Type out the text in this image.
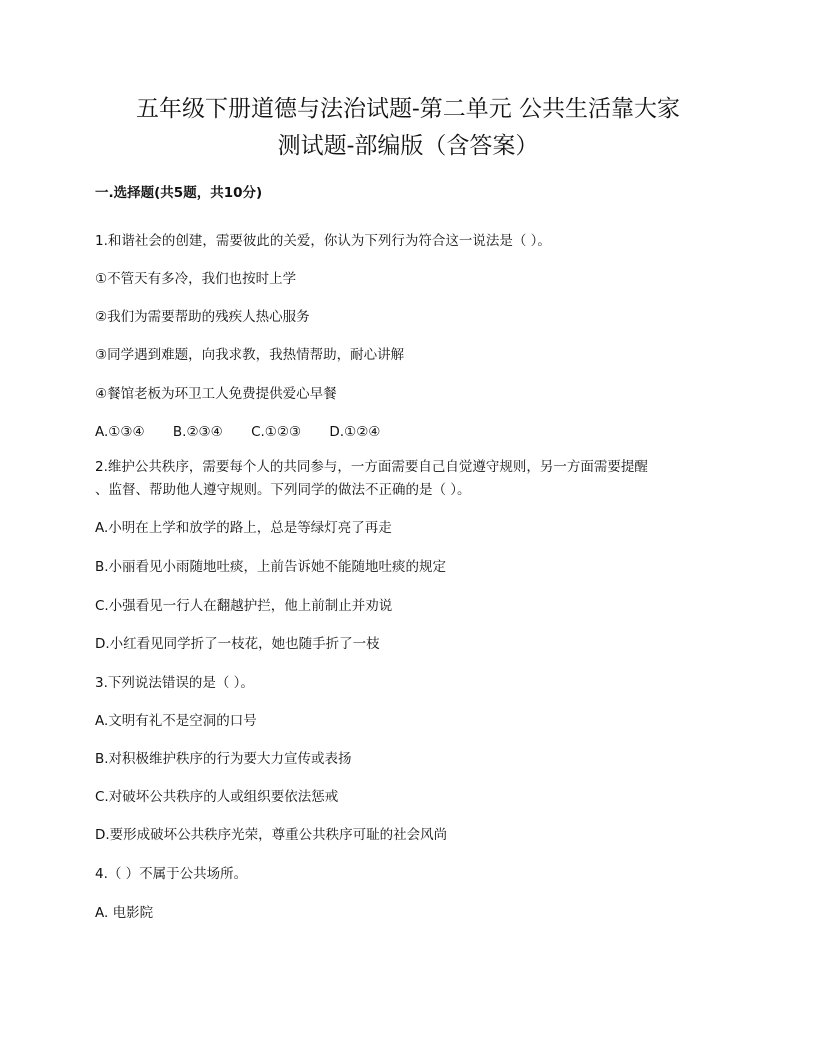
五年级下册道德与法治试题-第二单元 公共生活靠大家
测试题-部编版（含答案）
一.选择题(共5题，共10分)
1.和谐社会的创建，需要彼此的关爱，你认为下列行为符合这一说法是（ ）。
①不管天有多冷，我们也按时上学
②我们为需要帮助的残疾人热心服务
③同学遇到难题，向我求教，我热情帮助，耐心讲解
④餐馆老板为环卫工人免费提供爱心早餐
A.①③④ B.②③④ C.①②③ D.①②④
2.维护公共秩序，需要每个人的共同参与，一方面需要自己自觉遵守规则，另一方面需要提醒
、监督、帮助他人遵守规则。下列同学的做法不正确的是（ ）。
A.小明在上学和放学的路上，总是等绿灯亮了再走
B.小丽看见小雨随地吐痰，上前告诉她不能随地吐痰的规定
C.小强看见一行人在翻越护拦，他上前制止并劝说
D.小红看见同学折了一枝花，她也随手折了一枝
3.下列说法错误的是（ ）。
A.文明有礼不是空洞的口号
B.对积极维护秩序的行为要大力宣传或表扬
C.对破坏公共秩序的人或组织要依法惩戒
D.要形成破坏公共秩序光荣，尊重公共秩序可耻的社会风尚
4.（ ）不属于公共场所。
A. 电影院
